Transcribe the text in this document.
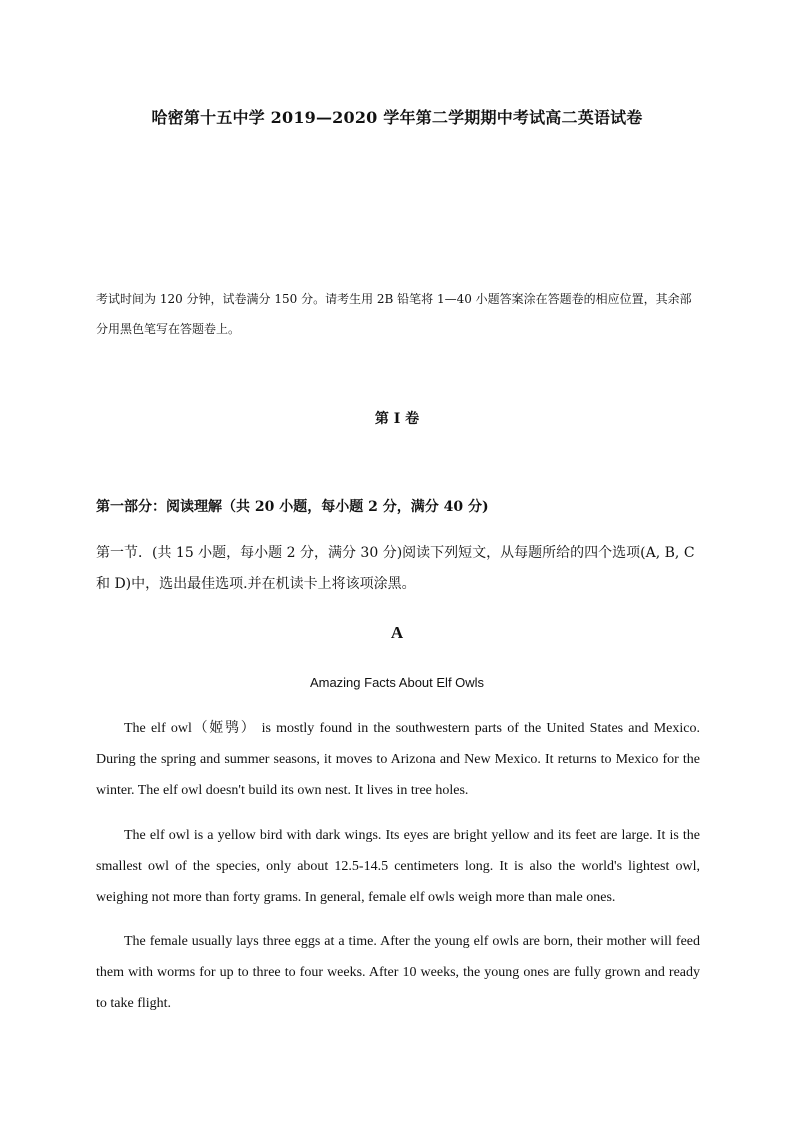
哈密第十五中学 2019—2020 学年第二学期期中考试高二英语试卷
考试时间为 120 分钟，试卷满分 150 分。请考生用 2B 铅笔将 1—40 小题答案涂在答题卷的相应位置，其余部分用黑色笔写在答题卷上。
第 I 卷
第一部分：阅读理解（共 20 小题，每小题 2 分，满分 40 分)
第一节．(共 15 小题，每小题 2 分，满分 30 分)阅读下列短文，从每题所给的四个选项(A, B, C 和 D)中，选出最佳选项.并在机读卡上将该项涂黑。
A
Amazing Facts About Elf Owls

The elf owl（姬鸮） is mostly found in the southwestern parts of the United States and Mexico. During the spring and summer seasons, it moves to Arizona and New Mexico. It returns to Mexico for the winter. The elf owl doesn't build its own nest. It lives in tree holes.

The elf owl is a yellow bird with dark wings. Its eyes are bright yellow and its feet are large. It is the smallest owl of the species, only about 12.5-14.5 centimeters long. It is also the world's lightest owl, weighing not more than forty grams. In general, female elf owls weigh more than male ones.

The female usually lays three eggs at a time. After the young elf owls are born, their mother will feed them with worms for up to three to four weeks. After 10 weeks, the young ones are fully grown and ready to take flight.
